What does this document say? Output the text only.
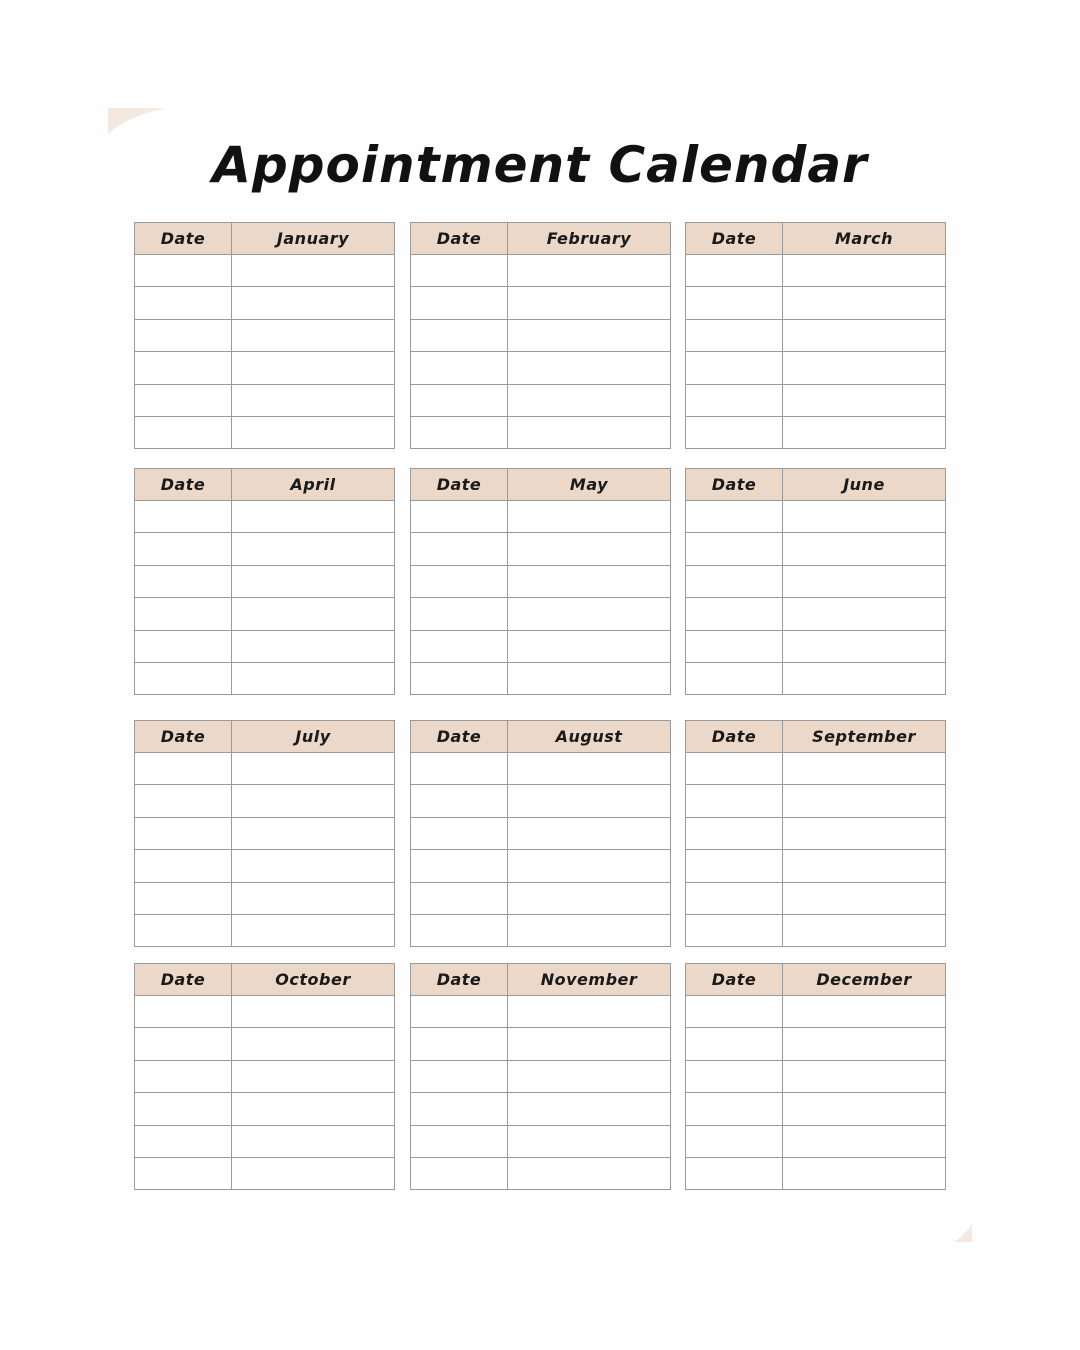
Appointment Calendar
Date	January

		Date	February

		Date	March

Date	April

		Date	May

		Date	June

Date	July

		Date	August

		Date	September

Date	October

		Date	November

		Date	December
